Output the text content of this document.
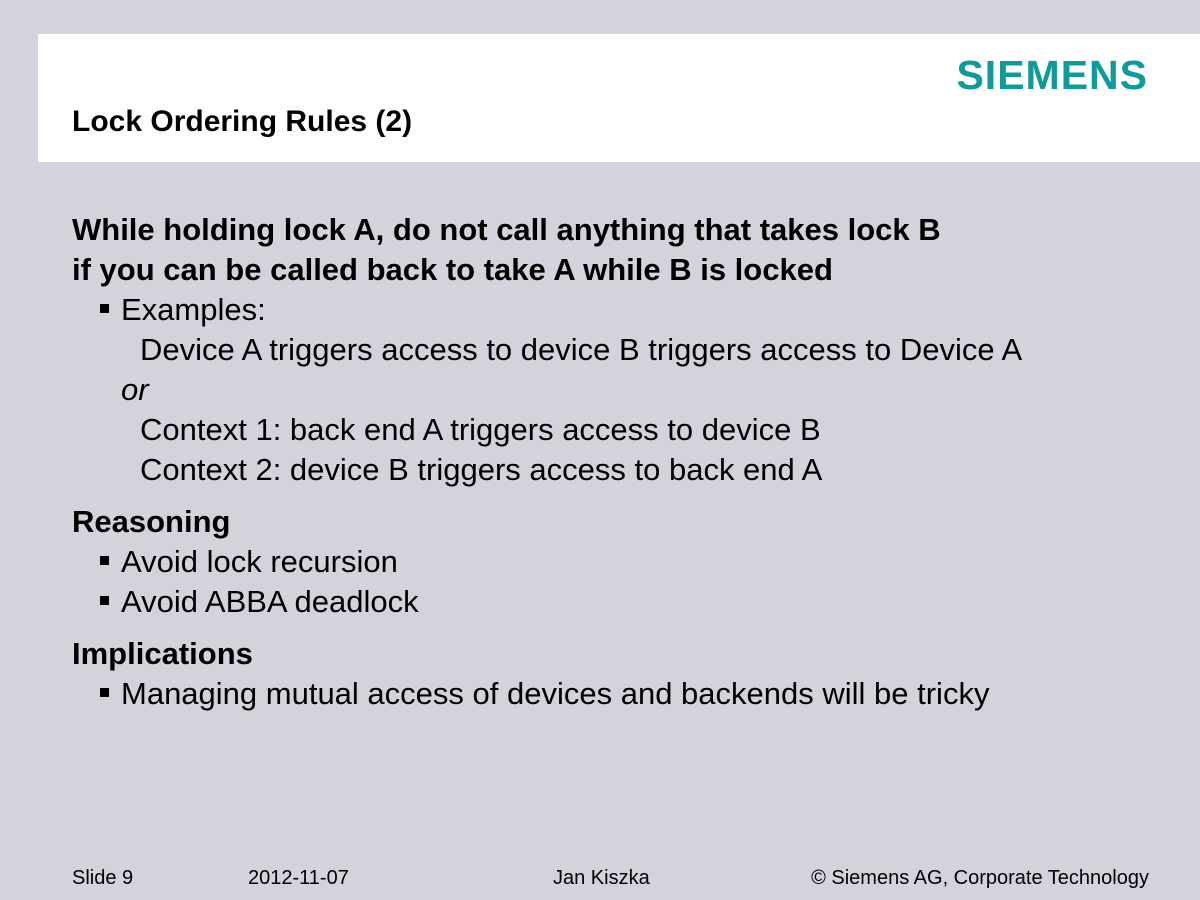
SIEMENS
Lock Ordering Rules (2)

While holding lock A, do not call anything that takes lock B

if you can be called back to take A while B is locked

Examples:

Device A triggers access to device B triggers access to Device A

or

Context 1: back end A triggers access to device B

Context 2: device B triggers access to back end A

Reasoning

Avoid lock recursion

Avoid ABBA deadlock

Implications

Managing mutual access of devices and backends will be tricky

Slide 9	2012-11-07	Jan Kiszka	© Siemens AG, Corporate Technology
